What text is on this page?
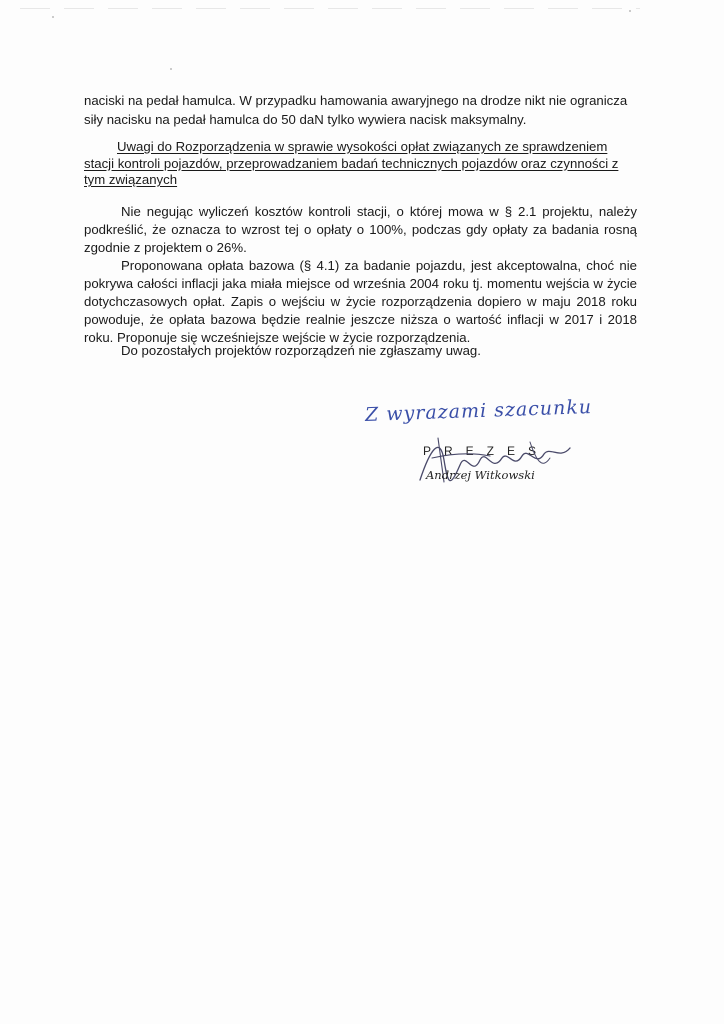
naciski na pedał hamulca. W przypadku hamowania awaryjnego na drodze nikt nie ogranicza siły nacisku na pedał hamulca do 50 daN tylko wywiera nacisk maksymalny.

Uwagi do Rozporządzenia w sprawie wysokości opłat związanych ze sprawdzeniem stacji kontroli pojazdów, przeprowadzaniem badań technicznych pojazdów oraz czynności z tym związanych

Nie negując wyliczeń kosztów kontroli stacji, o której mowa w § 2.1 projektu, należy podkreślić, że oznacza to wzrost tej o opłaty o 100%, podczas gdy opłaty za badania rosną zgodnie z projektem o 26%.

Proponowana opłata bazowa (§ 4.1) za badanie pojazdu, jest akceptowalna, choć nie pokrywa całości inflacji jaka miała miejsce od września 2004 roku tj. momentu wejścia w życie dotychczasowych opłat. Zapis o wejściu w życie rozporządzenia dopiero w maju 2018 roku powoduje, że opłata bazowa będzie realnie jeszcze niższa o wartość inflacji w 2017 i 2018 roku. Proponuje się wcześniejsze wejście w życie rozporządzenia.

Do pozostałych projektów rozporządzeń nie zgłaszamy uwag.

Z wyrazami szacunku
PREZES
Andrzej Witkowski
